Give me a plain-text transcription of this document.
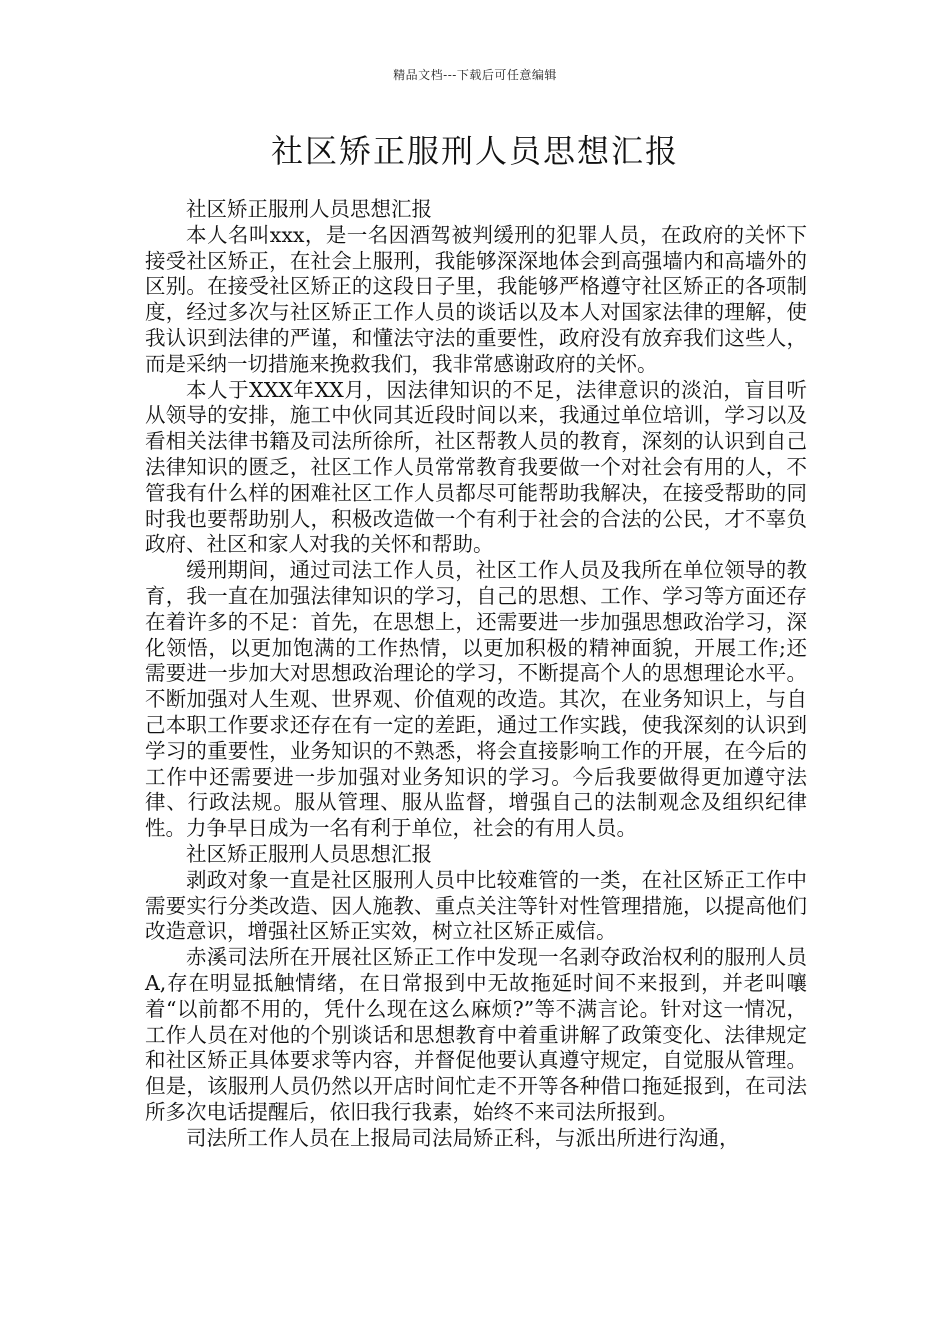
精品文档---下载后可任意编辑
社区矫正服刑人员思想汇报

社区矫正服刑人员思想汇报

本人名叫xxx，是一名因酒驾被判缓刑的犯罪人员，在政府的关怀下接受社区矫正，在社会上服刑，我能够深深地体会到高强墙内和高墙外的区别。在接受社区矫正的这段日子里，我能够严格遵守社区矫正的各项制度，经过多次与社区矫正工作人员的谈话以及本人对国家法律的理解，使我认识到法律的严谨，和懂法守法的重要性，政府没有放弃我们这些人，而是采纳一切措施来挽救我们，我非常感谢政府的关怀。

本人于XXX年XX月，因法律知识的不足，法律意识的淡泊，盲目听从领导的安排，施工中伙同其近段时间以来，我通过单位培训，学习以及看相关法律书籍及司法所徐所，社区帮教人员的教育，深刻的认识到自己法律知识的匮乏，社区工作人员常常教育我要做一个对社会有用的人，不管我有什么样的困难社区工作人员都尽可能帮助我解决，在接受帮助的同时我也要帮助别人，积极改造做一个有利于社会的合法的公民，才不辜负政府、社区和家人对我的关怀和帮助。

缓刑期间，通过司法工作人员，社区工作人员及我所在单位领导的教育，我一直在加强法律知识的学习，自己的思想、工作、学习等方面还存在着许多的不足：首先，在思想上，还需要进一步加强思想政治学习，深化领悟，以更加饱满的工作热情，以更加积极的精神面貌，开展工作;还需要进一步加大对思想政治理论的学习，不断提高个人的思想理论水平。不断加强对人生观、世界观、价值观的改造。其次，在业务知识上，与自己本职工作要求还存在有一定的差距，通过工作实践，使我深刻的认识到学习的重要性，业务知识的不熟悉，将会直接影响工作的开展，在今后的工作中还需要进一步加强对业务知识的学习。今后我要做得更加遵守法律、行政法规。服从管理、服从监督，增强自己的法制观念及组织纪律性。力争早日成为一名有利于单位，社会的有用人员。

社区矫正服刑人员思想汇报

剥政对象一直是社区服刑人员中比较难管的一类，在社区矫正工作中需要实行分类改造、因人施教、重点关注等针对性管理措施，以提高他们改造意识，增强社区矫正实效，树立社区矫正威信。

赤溪司法所在开展社区矫正工作中发现一名剥夺政治权利的服刑人员A,存在明显抵触情绪，在日常报到中无故拖延时间不来报到，并老叫嚷着“以前都不用的，凭什么现在这么麻烦?”等不满言论。针对这一情况，工作人员在对他的个别谈话和思想教育中着重讲解了政策变化、法律规定和社区矫正具体要求等内容，并督促他要认真遵守规定，自觉服从管理。但是，该服刑人员仍然以开店时间忙走不开等各种借口拖延报到，在司法所多次电话提醒后，依旧我行我素，始终不来司法所报到。

司法所工作人员在上报局司法局矫正科，与派出所进行沟通，
